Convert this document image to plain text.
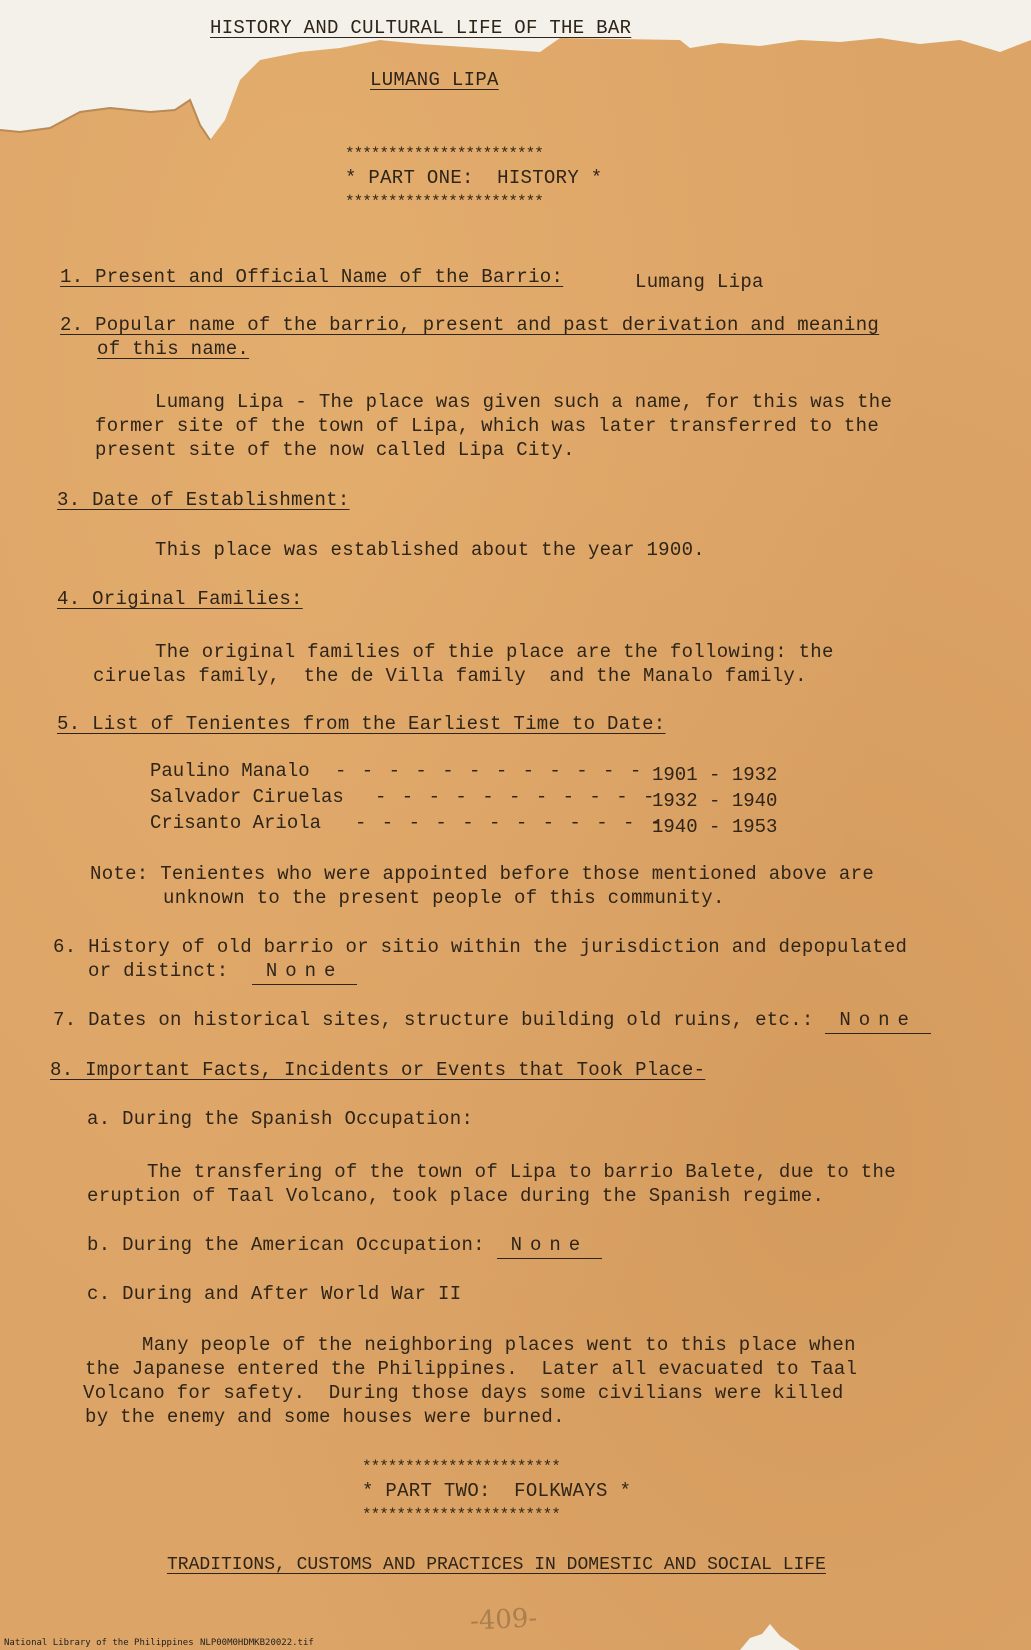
HISTORY AND CULTURAL LIFE OF THE BAR
LUMANG LIPA
***********************
* PART ONE:  HISTORY *
***********************
1. Present and Official Name of the Barrio:	Lumang Lipa
2. Popular name of the barrio, present and past derivation and meaning
of this name.
Lumang Lipa - The place was given such a name, for this was the
former site of the town of Lipa, which was later transferred to the
present site of the now called Lipa City.
3. Date of Establishment:
This place was established about the year 1900.
4. Original Families:
The original families of thie place are the following: the
ciruelas family,  the de Villa family  and the Manalo family.
5. List of Tenientes from the Earliest Time to Date:
Paulino Manalo - - - - - - - - - - - - 1901 - 1932
Salvador Ciruelas - - - - - - - - - - -
1932 - 1940
Crisanto Ariola - - - - - - - - - - - -
1940 - 1953
Note: Tenientes who were appointed before those mentioned above are
unknown to the present people of this community.
6. History of old barrio or sitio within the jurisdiction and depopulated
or distinct: None
7. Dates on historical sites, structure building old ruins, etc.: None
8. Important Facts, Incidents or Events that Took Place-
a. During the Spanish Occupation:
The transfering of the town of Lipa to barrio Balete, due to the
eruption of Taal Volcano, took place during the Spanish regime.
b. During the American Occupation: None
c. During and After World War II
Many people of the neighboring places went to this place when
the Japanese entered the Philippines.  Later all evacuated to Taal
Volcano for safety.  During those days some civilians were killed
by the enemy and some houses were burned.
***********************
* PART TWO:  FOLKWAYS *
***********************
TRADITIONS, CUSTOMS AND PRACTICES IN DOMESTIC AND SOCIAL LIFE
-409-
National Library of the Philippines NLP00M0HDMKB20022.tif
